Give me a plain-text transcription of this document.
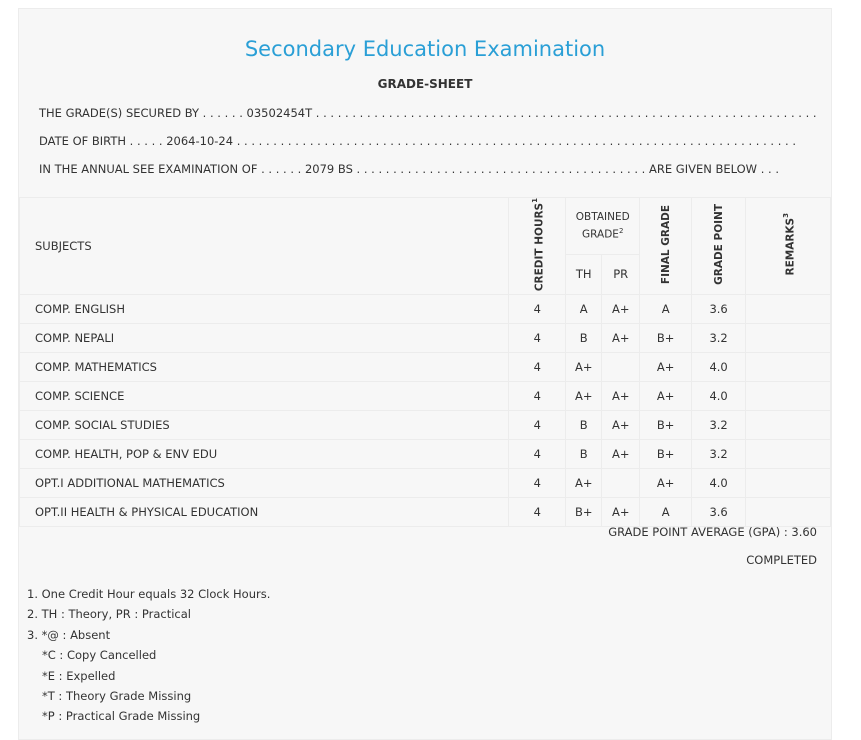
Secondary Education Examination
GRADE-SHEET
THE GRADE(S) SECURED BY . . . . . . 03502454T . . . . . . . . . . . . . . . . . . . . . . . . . . . . . . . . . . . . . . . . . . . . . . . . . . . . . . . . . . . . . . . . . . . . .
DATE OF BIRTH . . . . . 2064-10-24 . . . . . . . . . . . . . . . . . . . . . . . . . . . . . . . . . . . . . . . . . . . . . . . . . . . . . . . . . . . . . . . . . . . . . . . . . . . . .
IN THE ANNUAL SEE EXAMINATION OF . . . . . . 2079 BS . . . . . . . . . . . . . . . . . . . . . . . . . . . . . . . . . . . . . . . . ARE GIVEN BELOW . . .
SUBJECTS	CREDIT HOURS$^1$	OBTAINED GRADE$^2$		FINAL GRADE	GRADE POINT	REMARKS$^3$
		TH	PR			
COMP. ENGLISH	4	A	A+	A	3.6	
COMP. NEPALI	4	B	A+	B+	3.2	
COMP. MATHEMATICS	4	A+		A+	4.0	
COMP. SCIENCE	4	A+	A+	A+	4.0	
COMP. SOCIAL STUDIES	4	B	A+	B+	3.2	
COMP. HEALTH, POP & ENV EDU	4	B	A+	B+	3.2	
OPT.I ADDITIONAL MATHEMATICS	4	A+		A+	4.0	
OPT.II HEALTH & PHYSICAL EDUCATION	4	B+	A+	A	3.6	
GRADE POINT AVERAGE (GPA) : 3.60
COMPLETED
1. One Credit Hour equals 32 Clock Hours.
2. TH : Theory, PR : Practical
3. *@ : Absent
*C : Copy Cancelled
*E : Expelled
*T : Theory Grade Missing
*P : Practical Grade Missing
